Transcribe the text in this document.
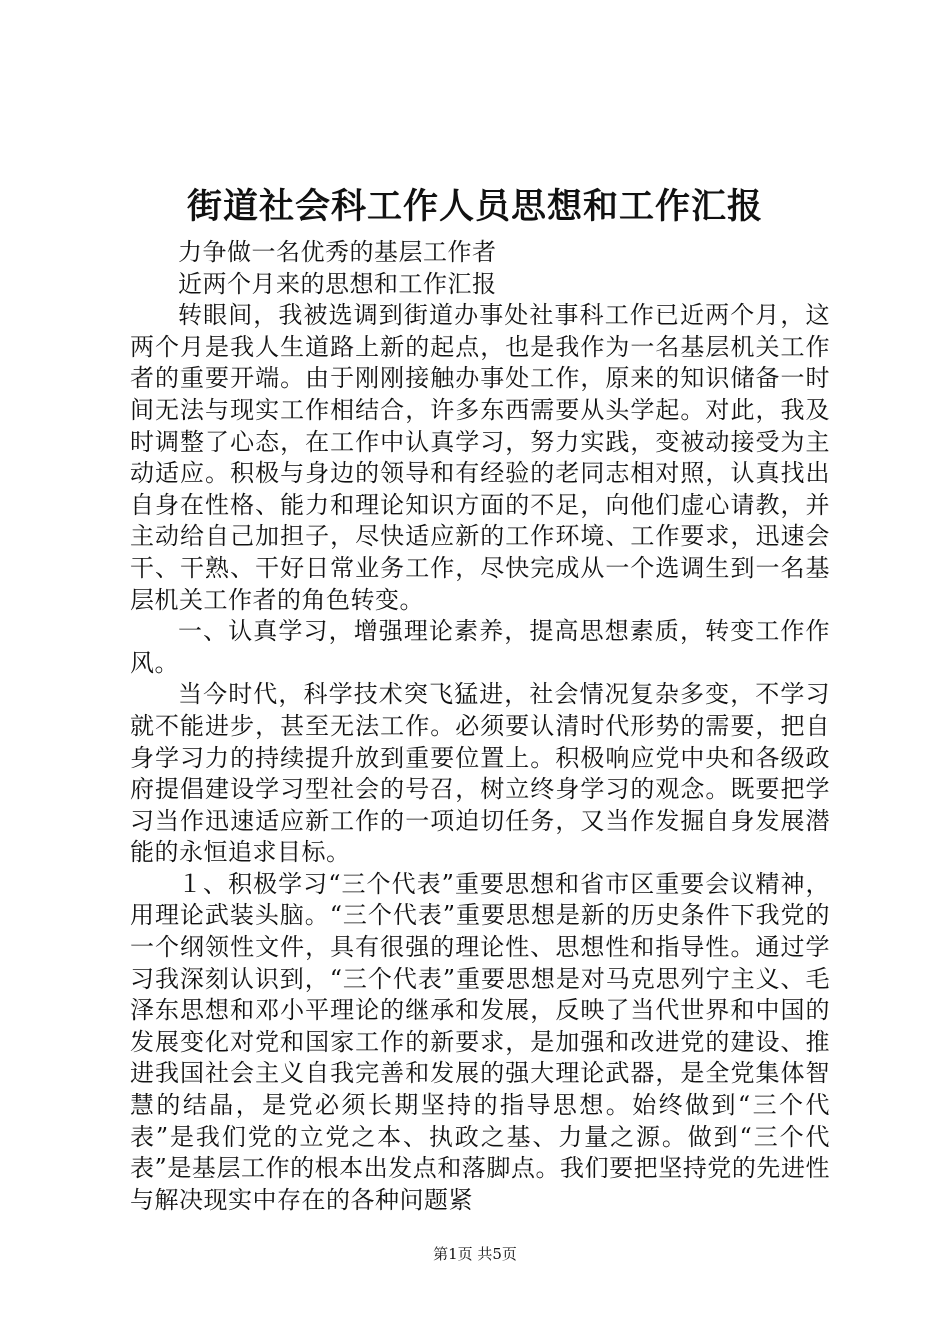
街道社会科工作人员思想和工作汇报

力争做一名优秀的基层工作者

近两个月来的思想和工作汇报

转眼间，我被选调到街道办事处社事科工作已近两个月，这两个月是我人生道路上新的起点，也是我作为一名基层机关工作者的重要开端。由于刚刚接触办事处工作，原来的知识储备一时间无法与现实工作相结合，许多东西需要从头学起。对此，我及时调整了心态，在工作中认真学习，努力实践，变被动接受为主动适应。积极与身边的领导和有经验的老同志相对照，认真找出自身在性格、能力和理论知识方面的不足，向他们虚心请教，并主动给自己加担子，尽快适应新的工作环境、工作要求，迅速会干、干熟、干好日常业务工作，尽快完成从一个选调生到一名基层机关工作者的角色转变。

一、认真学习，增强理论素养，提高思想素质，转变工作作风。

当今时代，科学技术突飞猛进，社会情况复杂多变，不学习就不能进步，甚至无法工作。必须要认清时代形势的需要，把自身学习力的持续提升放到重要位置上。积极响应党中央和各级政府提倡建设学习型社会的号召，树立终身学习的观念。既要把学习当作迅速适应新工作的一项迫切任务，又当作发掘自身发展潜能的永恒追求目标。

１、积极学习“三个代表”重要思想和省市区重要会议精神，用理论武装头脑。“三个代表”重要思想是新的历史条件下我党的一个纲领性文件，具有很强的理论性、思想性和指导性。通过学习我深刻认识到，“三个代表”重要思想是对马克思列宁主义、毛泽东思想和邓小平理论的继承和发展，反映了当代世界和中国的发展变化对党和国家工作的新要求，是加强和改进党的建设、推进我国社会主义自我完善和发展的强大理论武器，是全党集体智慧的结晶，是党必须长期坚持的指导思想。始终做到“三个代表”是我们党的立党之本、执政之基、力量之源。做到“三个代表”是基层工作的根本出发点和落脚点。我们要把坚持党的先进性与解决现实中存在的各种问题紧

第1页 共5页
